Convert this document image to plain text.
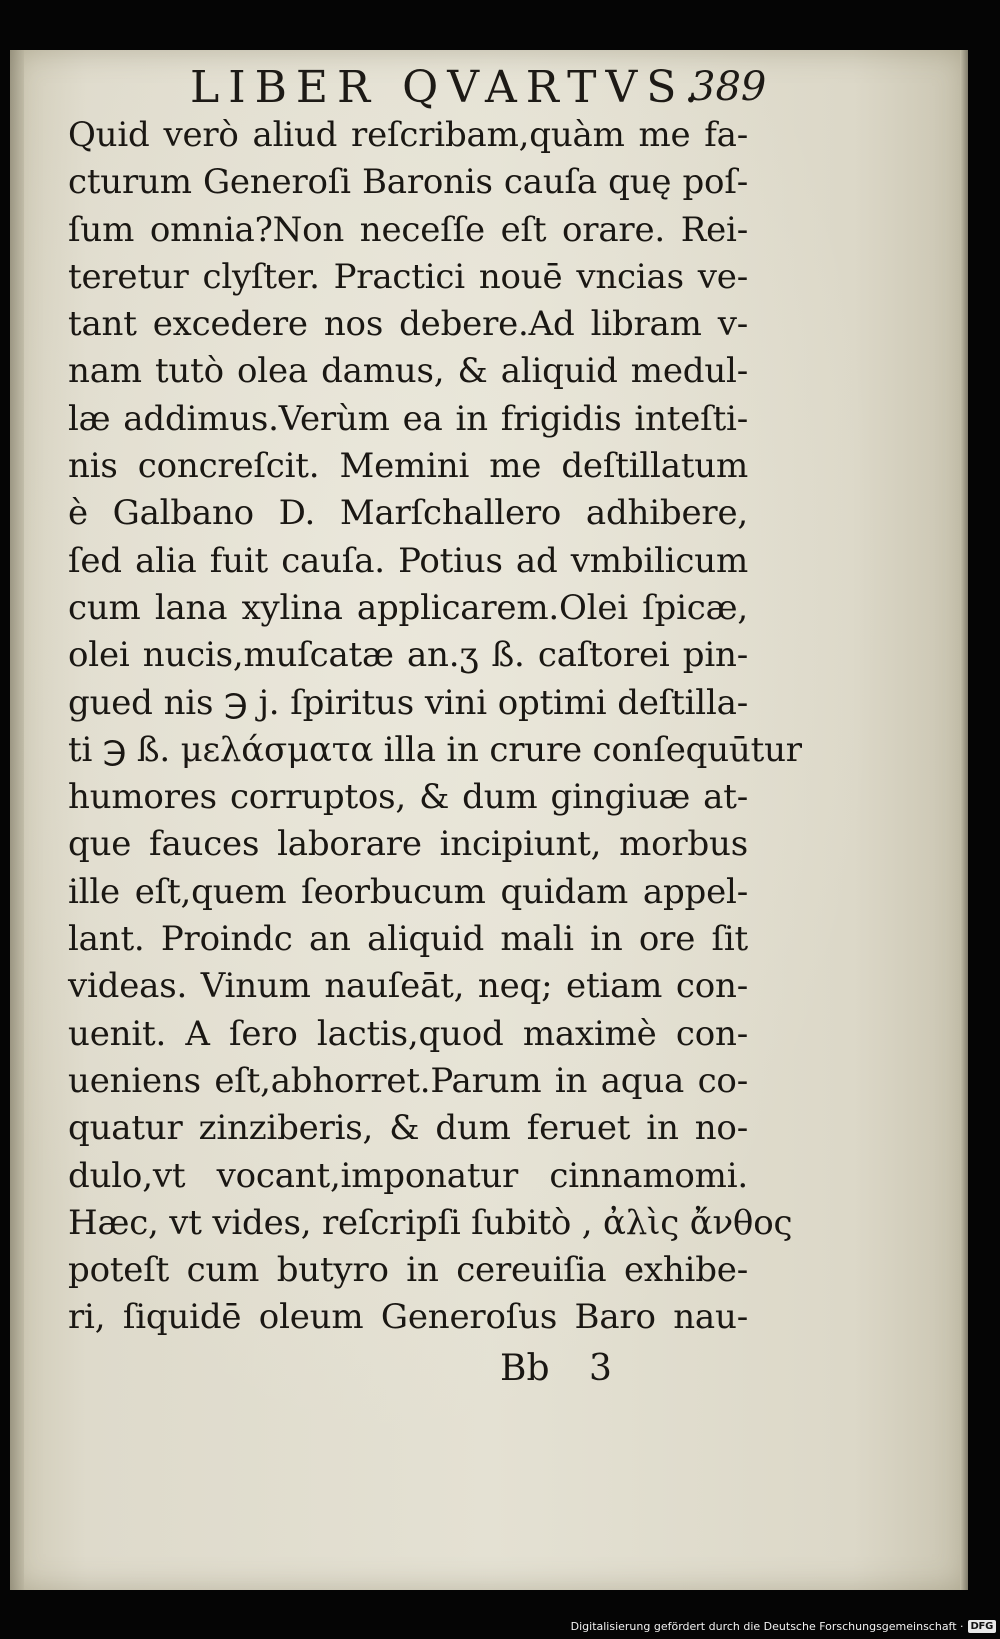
LIBER QVARTVS.
389
Quid verò aliud reſcribam,quàm me fa-
cturum Generoſi Baronis cauſa quę poſ-
ſum omnia?Non neceſſe eſt orare. Rei-
teretur clyſter. Practici nouē vncias ve-
tant excedere nos debere.Ad libram v-
nam tutò olea damus, & aliquid medul-
læ addimus.Verùm ea in frigidis inteſti-
nis concreſcit. Memini me deſtillatum
è Galbano D. Marſchallero adhibere,
ſed alia fuit cauſa. Potius ad vmbilicum
cum lana xylina applicarem.Olei ſpicæ,
olei nucis,muſcatæ an.ʒ ß. caſtorei pin-
gued nis ℈ j. ſpiritus vini optimi deſtilla-
ti ℈ ß. μελάσματα illa in crure conſequūtur
humores corruptos, & dum gingiuæ at-
que fauces laborare incipiunt, morbus
ille eſt,quem ſeorbucum quidam appel-
lant. Proindc an aliquid mali in ore ſit
videas. Vinum nauſeāt, neq; etiam con-
uenit. A ſero lactis,quod maximè con-
ueniens eſt,abhorret.Parum in aqua co-
quatur zinziberis, & dum feruet in no-
dulo,vt vocant,imponatur cinnamomi.
Hæc, vt vides, reſcripſi ſubitò , ἀλὶς ἄνθος
poteſt cum butyro in cereuiſia exhibe-
ri, ſiquidē oleum Generoſus Baro nau-
Bb 3
Digitalisierung gefördert durch die Deutsche Forschungsgemeinschaft · DFG
